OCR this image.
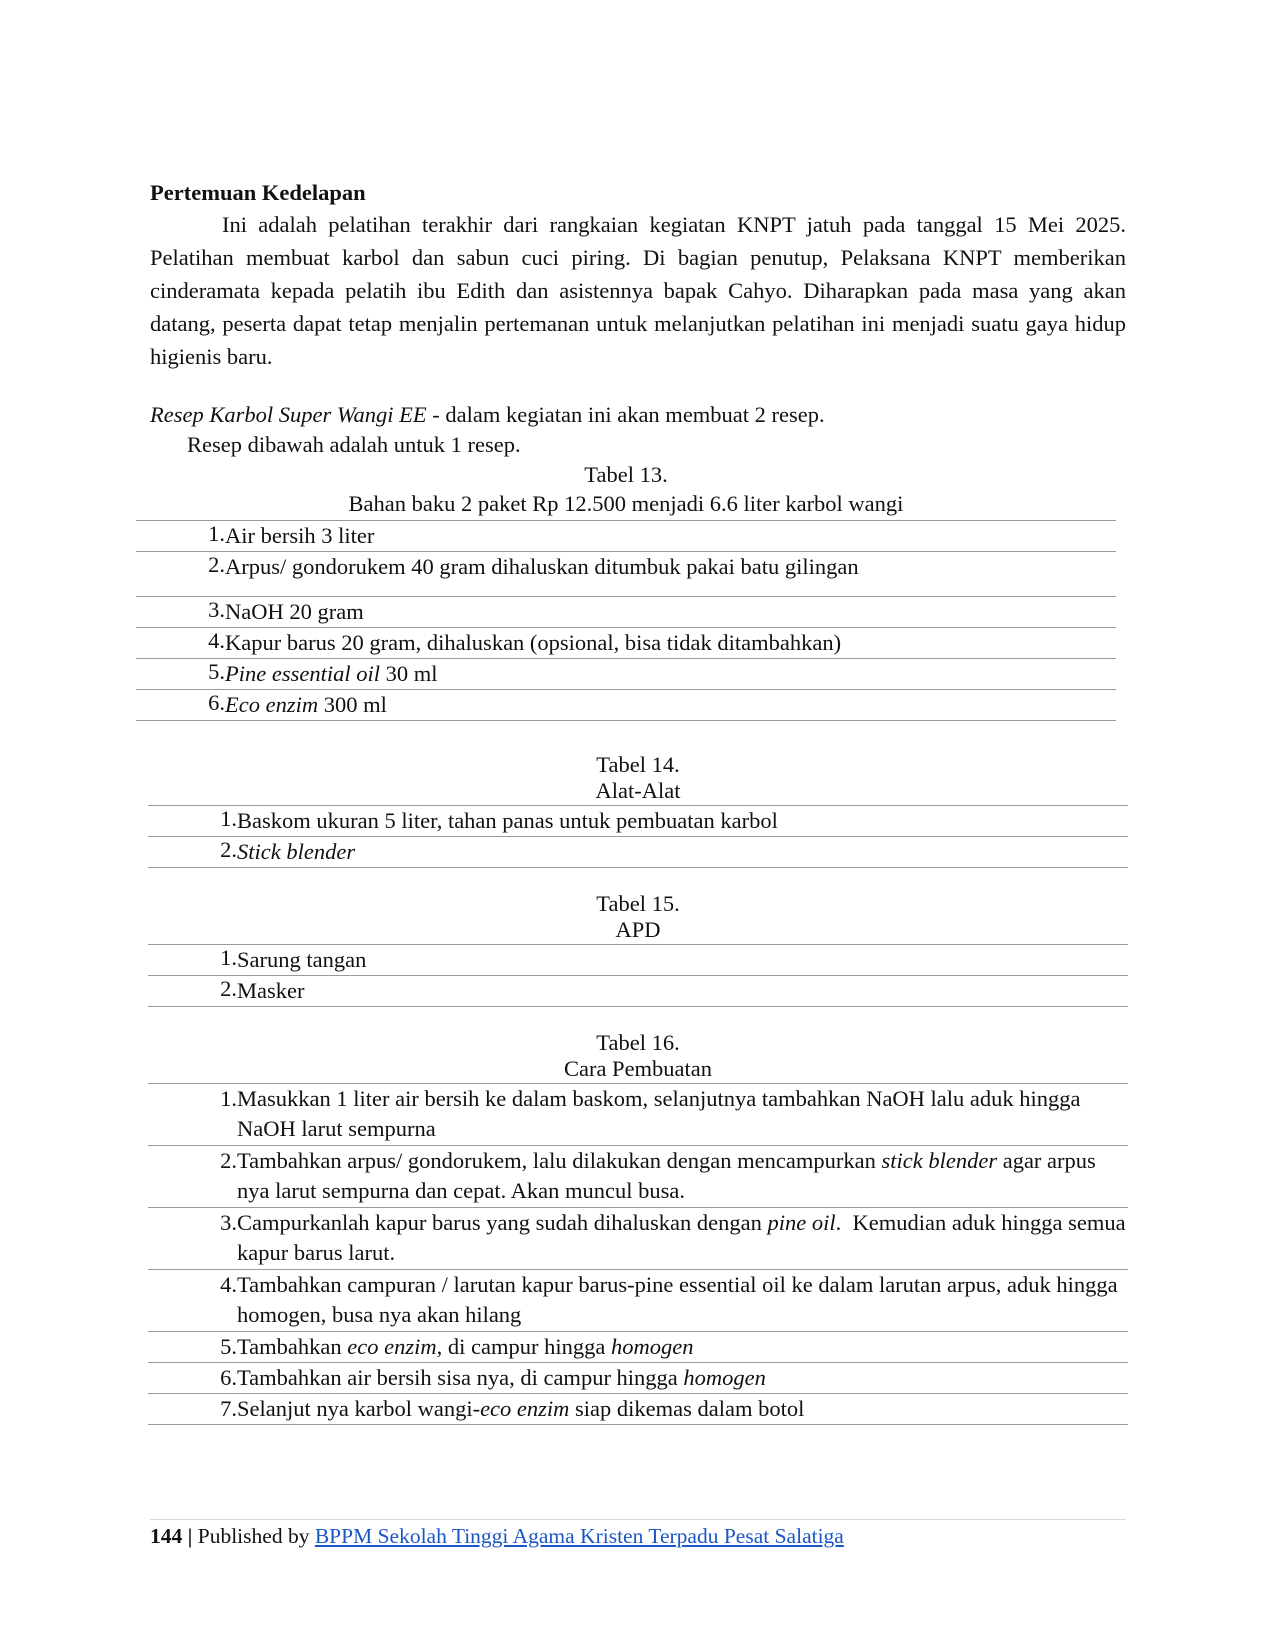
Pertemuan Kedelapan
Ini adalah pelatihan terakhir dari rangkaian kegiatan KNPT jatuh pada tanggal 15 Mei 2025. Pelatihan membuat karbol dan sabun cuci piring. Di bagian penutup, Pelaksana KNPT memberikan cinderamata kepada pelatih ibu Edith dan asistennya bapak Cahyo. Diharapkan pada masa yang akan datang, peserta dapat tetap menjalin pertemanan untuk melanjutkan pelatihan ini menjadi suatu gaya hidup higienis baru.
Resep Karbol Super Wangi EE - dalam kegiatan ini akan membuat 2 resep.
Resep dibawah adalah untuk 1 resep.
Tabel 13.
Bahan baku 2 paket Rp 12.500 menjadi 6.6 liter karbol wangi
1.	Air bersih 3 liter
2.	Arpus/ gondorukem 40 gram dihaluskan ditumbuk pakai batu gilingan
3.	NaOH 20 gram
4.	Kapur barus 20 gram, dihaluskan (opsional, bisa tidak ditambahkan)
5.	Pine essential oil 30 ml
6.	Eco enzim 300 ml
Tabel 14.
Alat-Alat
1.	Baskom ukuran 5 liter, tahan panas untuk pembuatan karbol
2.	Stick blender
Tabel 15.
APD
1.	Sarung tangan
2.	Masker
Tabel 16.
Cara Pembuatan
1.	Masukkan 1 liter air bersih ke dalam baskom, selanjutnya tambahkan NaOH lalu aduk hingga NaOH larut sempurna
2.	Tambahkan arpus/ gondorukem, lalu dilakukan dengan mencampurkan stick blender agar arpus nya larut sempurna dan cepat. Akan muncul busa.
3.	Campurkanlah kapur barus yang sudah dihaluskan dengan pine oil.  Kemudian aduk hingga semua kapur barus larut.
4.	Tambahkan campuran / larutan kapur barus-pine essential oil ke dalam larutan arpus, aduk hingga homogen, busa nya akan hilang
5.	Tambahkan eco enzim, di campur hingga homogen
6.	Tambahkan air bersih sisa nya, di campur hingga homogen
7.	Selanjut nya karbol wangi-eco enzim siap dikemas dalam botol
144 | Published by BPPM Sekolah Tinggi Agama Kristen Terpadu Pesat Salatiga
